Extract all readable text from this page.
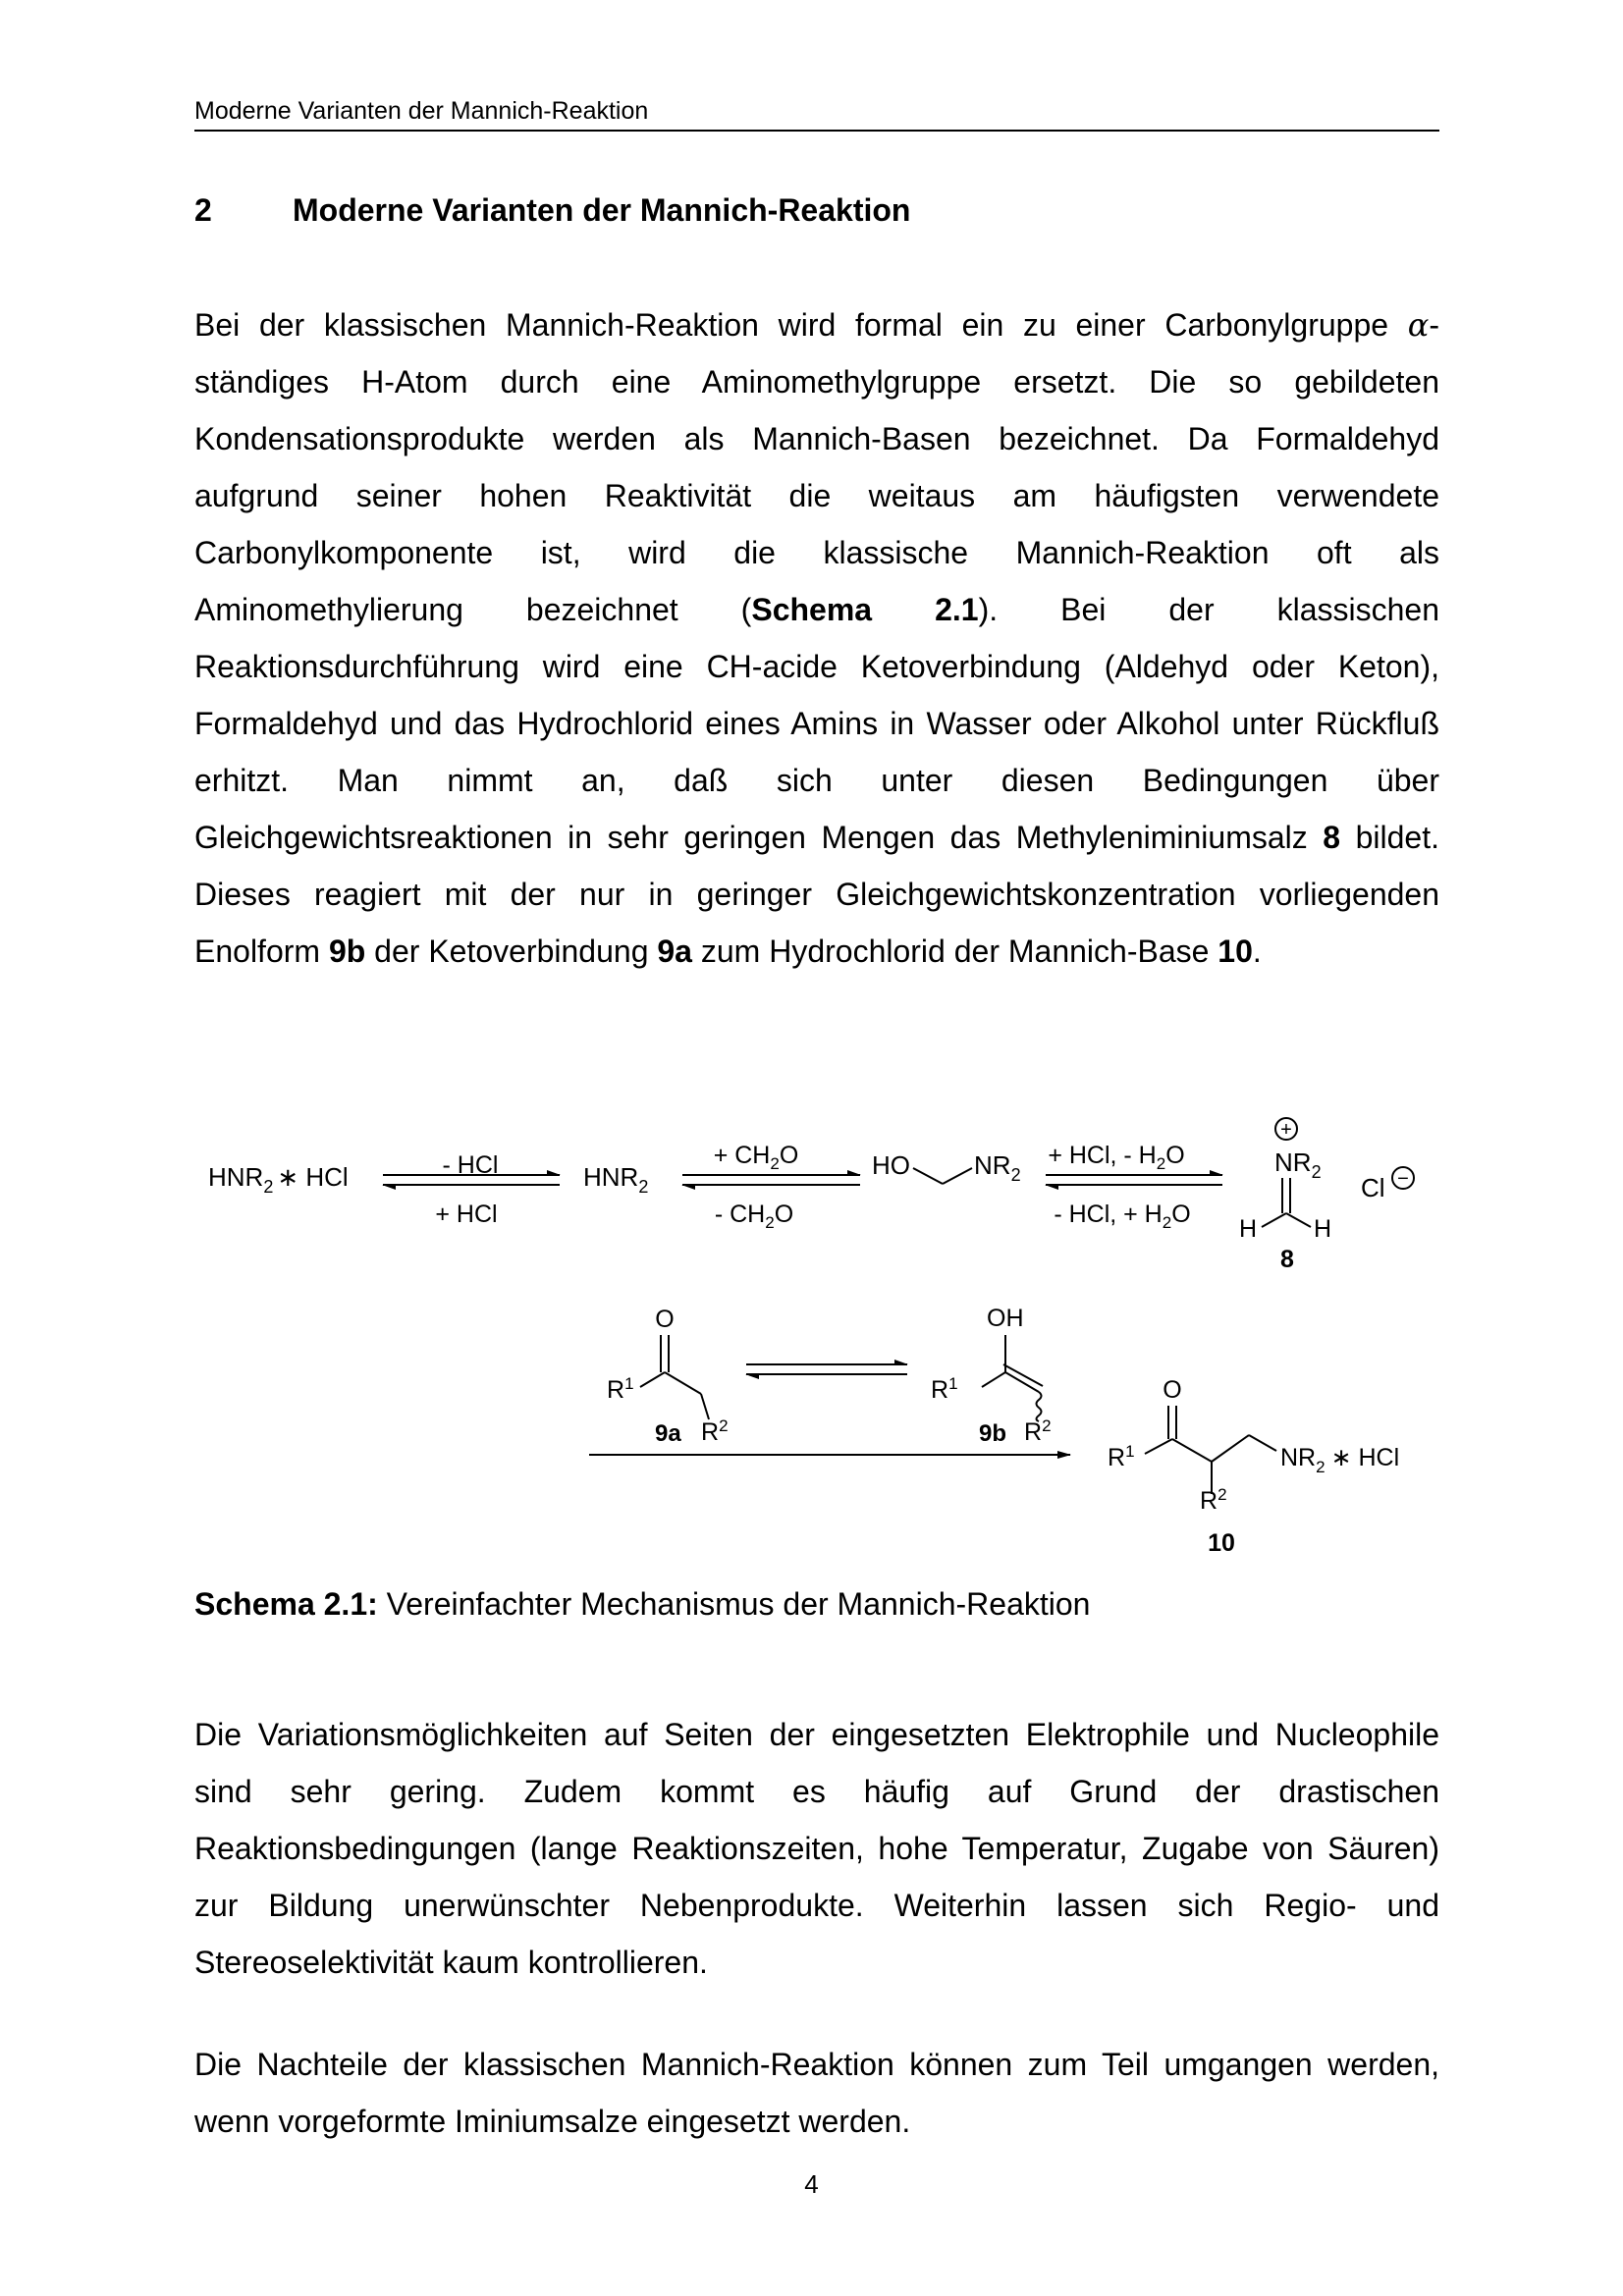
Moderne Varianten der Mannich-Reaktion
2	Moderne Varianten der Mannich-Reaktion
Bei der klassischen Mannich-Reaktion wird formal ein zu einer Carbonylgruppe α-ständiges H-Atom durch eine Aminomethylgruppe ersetzt. Die so gebildeten Kondensationsprodukte werden als Mannich-Basen bezeichnet. Da Formaldehyd aufgrund seiner hohen Reaktivität die weitaus am häufigsten verwendete Carbonylkomponente ist, wird die klassische Mannich-Reaktion oft als Aminomethylierung bezeichnet (Schema 2.1). Bei der klassischen Reaktionsdurchführung wird eine CH-acide Ketoverbindung (Aldehyd oder Keton), Formaldehyd und das Hydrochlorid eines Amins in Wasser oder Alkohol unter Rückfluß erhitzt. Man nimmt an, daß sich unter diesen Bedingungen über Gleichgewichtsreaktionen in sehr geringen Mengen das Methyleniminiumsalz 8 bildet. Dieses reagiert mit der nur in geringer Gleichgewichtskonzentration vorliegenden Enolform 9b der Ketoverbindung 9a zum Hydrochlorid der Mannich-Base 10.
$HNR_2$ ∗ HCl	- HCl
+ HCl
$HNR_2$
+ $CH_2O$
- $CH_2O$
HO	$NR_2$
+ HCl, - $H_2O$
- HCl, + $H_2O$
+
$NR_2$
H H
Cl −
8
O
$R^1$
$R^2$
9a
OH
$R^1$
$R^2$
9b
O
$R^1$
$R^2$
$NR_2$ ∗ HCl
10
Schema 2.1: Vereinfachter Mechanismus der Mannich-Reaktion
Die Variationsmöglichkeiten auf Seiten der eingesetzten Elektrophile und Nucleophile sind sehr gering. Zudem kommt es häufig auf Grund der drastischen Reaktionsbedingungen (lange Reaktionszeiten, hohe Temperatur, Zugabe von Säuren) zur Bildung unerwünschter Nebenprodukte. Weiterhin lassen sich Regio- und Stereoselektivität kaum kontrollieren.
Die Nachteile der klassischen Mannich-Reaktion können zum Teil umgangen werden, wenn vorgeformte Iminiumsalze eingesetzt werden.
4
